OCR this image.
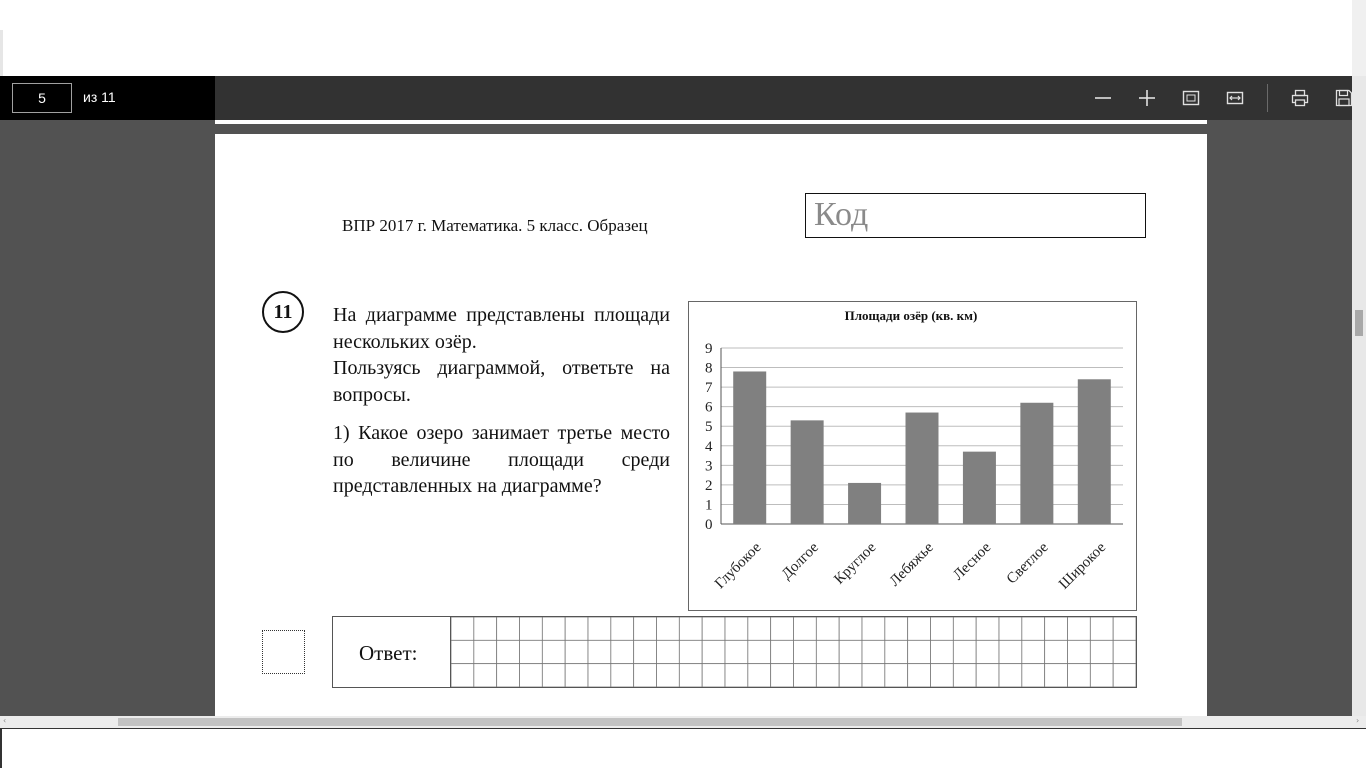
ВПР 2017 г. Математика. 5 класс. Образец	Код
11	На диаграмме представлены площади нескольких озёр.
Пользуясь диаграммой, ответьте на вопросы.
1) Какое озеро занимает третье место по величине площади среди представленных на диаграмме?
Площади озёр (кв. км)
0
1
2
3
4
5
6
7
8
9
Глубокое Долгое Круглое Лебяжье Лесное Светлое Широкое
Ответ:
5	из 11
‹	›
